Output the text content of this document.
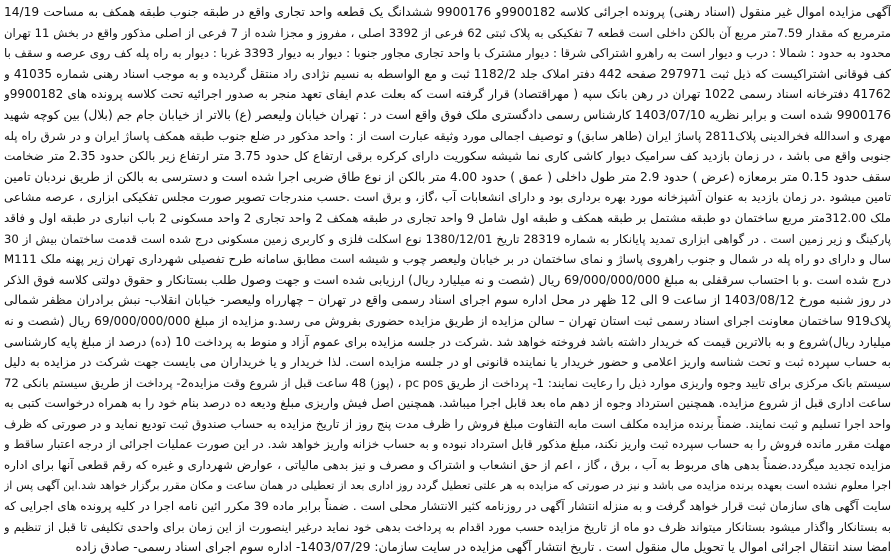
آگهی مزایده اموال غیر منقول (اسناد رهنی) پرونده اجرائی کلاسه 9900182و 9900176 ششدانگ یک قطعه واحد تجاری واقع در طبقه جنوب طبقه همکف به مساحت 14/19
مترمربع که مقدار 7.59متر مربع آن بالکن داخلی است قطعه 7 تفکیکی به پلاک ثبتی 62 فرعی از 3392 اصلی ، مفروز و مجزا شده از 7 فرعی از اصلی مذکور واقع در بخش 11 تهران
محدود به حدود : شمالا : درب و دیوار است به راهرو اشتراکی شرقا : دیوار مشترک با واحد تجاری مجاور جنوبا : دیوار به دیوار 3393 غربا : دیوار به راه پله کف روی عرصه و سقف با
کف فوقانی اشتراکیست که ذیل ثبت 297971 صفحه 442 دفتر املاک جلد 1182/2 ثبت و مع الواسطه به نسیم نژادی راد منتقل گردیده و به موجب اسناد رهنی شماره 41035 و
41762 دفترخانه اسناد رسمی 1022 تهران در رهن بانک سپه ( مهراقتصاد) قرار گرفته است که بعلت عدم ایفای تعهد منجر به صدور اجرائیه تحت کلاسه پرونده های 9900182و
9900176 شده است و برابر نظریه 1403/07/10 کارشناس رسمی دادگستری ملک فوق واقع است در : تهران خیابان ولیعصر (ع) بالاتر از خیابان جام جم (بلال) بین کوچه شهید
مهری و اسدالله فخرالدینی پلاک2811 پاساژ ایران (طاهر سابق) و توصیف اجمالی مورد وثیقه عبارت است از : واحد مذکور در ضلع جنوب طبقه همکف پاساژ ایران و در شرق راه پله
جنوبی واقع می باشد ، در زمان بازدید کف سرامیک دیوار کاشی کاری نما شیشه سکوریت دارای کرکره برقی ارتفاع کل حدود 3.75 متر ارتفاع زیر بالکن حدود 2.35 متر ضخامت
سقف حدود 0.15 متر برمعازه (عرض ) حدود 2.9 متر طول داخلی ( عمق ) حدود 4.00 متر بالکن از نوع طاق ضربی اجرا شده است و دسترسی به بالکن از طریق نردبان تامین
تامین میشود .در زمان بازدید به عنوان آشپزخانه مورد بهره برداری بود و دارای انشعابات آب ،گاز، و برق است .حسب مندرجات تصویر صورت مجلس تفکیکی ابزاری ، عرصه مشاعی
ملک 312.00متر مربع ساختمان دو طبقه مشتمل بر طبقه همکف و طبقه اول شامل 9 واحد تجاری در طبقه همکف 2 واحد تجاری 2 واحد مسکونی 2 باب انباری در طبقه اول و فاقد
پارکینگ و زیر زمین است . در گواهی ابزاری تمدید پایانکار به شماره 28319 تاریخ 1380/12/01 نوع اسکلت فلزی و کاربری زمین مسکونی درج شده است قدمت ساختمان بیش از 30
سال و دارای دو راه پله در شمال و جنوب راهروی پاساژ و نمای ساختمان در بر خیابان ولیعصر چوب و شیشه است مطابق سامانه طرح تفصیلی شهرداری تهران زیر پهنه ملک M111
درج شده است .و با احتساب سرقفلی به مبلغ 69/000/000/000 ریال (شصت و نه میلیارد ریال) ارزیابی شده است و جهت وصول طلب بستانکار و حقوق دولتی کلاسه فوق الذکر
در روز شنبه مورخ 1403/08/12 از ساعت 9 الی 12 ظهر در محل اداره سوم اجرای اسناد رسمی واقع در تهران – چهارراه ولیعصر- خیابان انقلاب- نبش برادران مظفر شمالی
پلاک919 ساختمان معاونت اجرای اسناد رسمی ثبت استان تهران – سالن مزایده از طریق مزایده حضوری بفروش می رسد.و مزایده از مبلغ 69/000/000/000 ریال (شصت و نه
میلیارد ریال)شروع و به بالاترین قیمت که خریدار داشته باشد فروخته خواهد شد .شرکت در جلسه مزایده برای عموم آزاد و منوط به پرداخت 10 (ده) درصد از مبلغ پایه کارشناسی
به حساب سپرده ثبت و تحت شناسه واریز اعلامی و حضور خریدار یا نماینده قانونی او در جلسه مزایده است. لذا خریدار و یا خریداران می بایست جهت شرکت در مزایده به دلیل
سیستم بانک مرکزی برای تایید وجوه واریزی موارد ذیل را رعایت نمایند: 1- پرداخت از طریق pc pos ، (پوز) 48 ساعت قبل از شروع وقت مزایده2- پرداخت از طریق سیستم بانکی 72
ساعت اداری قبل از شروع مزایده. همچنین استرداد وجوه از دهم ماه بعد قابل اجرا میباشد. همچنین اصل فیش واریزی مبلغ ودیعه ده درصد بنام خود را به همراه درخواست کتبی به
واحد اجرا تسلیم و ثبت نمایند. ضمناً برنده مزایده مکلف است مابه التفاوت مبلغ فروش را ظرف مدت پنج روز از تاریخ مزایده به حساب صندوق ثبت تودیع نماید و در صورتی که ظرف
مهلت مقرر مانده فروش را به حساب سپرده ثبت واریز نکند، مبلغ مذکور قابل استرداد نبوده و به حساب خزانه واریز خواهد شد. در این صورت عملیات اجرائی از درجه اعتبار ساقط و
مزایده تجدید میگردد.ضمناً بدهی های مربوط به آب ، برق ، گاز ، اعم از حق انشعاب و اشتراک و مصرف و نیز بدهی مالیاتی ، عوارض شهرداری و غیره که رقم قطعی آنها برای اداره
اجرا معلوم نشده است بعهده برنده مزایده می باشد و نیز در صورتی که مزایده به هر علتی تعطیل گردد روز اداری بعد از تعطیلی در همان ساعت و مکان مقرر برگزار خواهد شد.این آگهی پس از
سایت آگهی های سازمان ثبت قرار خواهد گرفت و به منزله انتشار آگهی در روزنامه کثیر الانتشار محلی است . ضمناً برابر ماده 39 مکرر ائین نامه اجرا در کلیه پرونده های اجرایی که
به بستانکار واگذار میشود بستانکار میتواند ظرف دو ماه از تاریخ مزایده حسب مورد اقدام به پرداخت بدهی خود نماید درغیر اینصورت از این زمان برای واحدی تکلیفی تا قبل از تنظیم و
امضا سند انتقال اجرائی اموال یا تحویل مال منقول است . تاریخ انتشار آگهی مزایده در سایت سازمان: 1403/07/29- اداره سوم اجرای اسناد رسمی- صادق زاده
